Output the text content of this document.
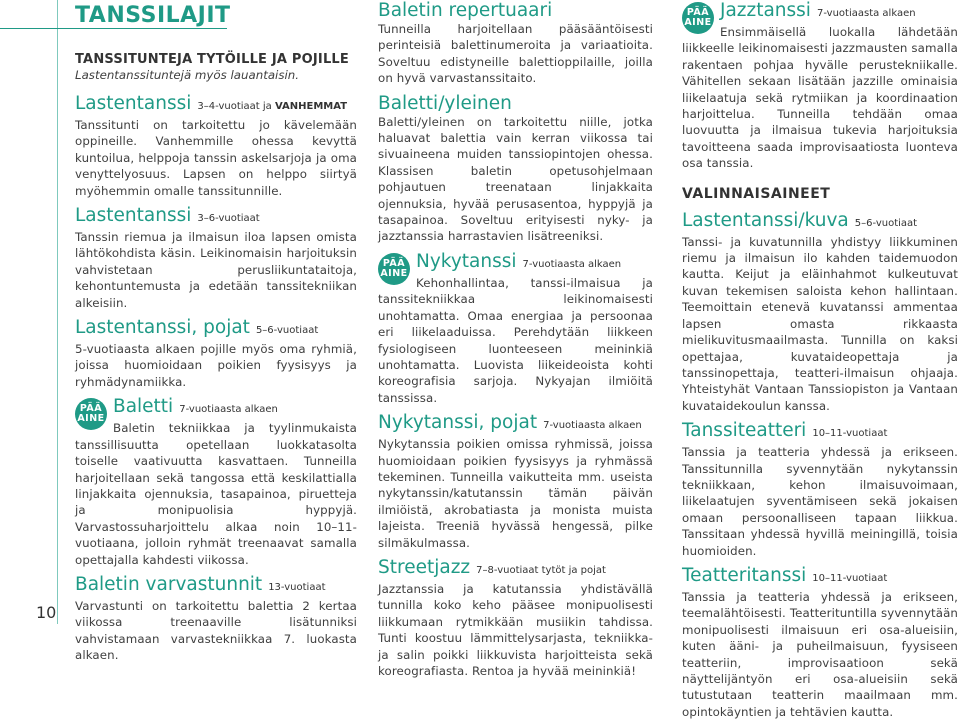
TANSSILAJIT
10

TANSSITUNTEJA TYTÖILLE JA POJILLE

Lastentanssituntejä myös lauantaisin.

Lastentanssi 3–4-vuotiaat ja VANHEMMAT

Tanssitunti on tarkoitettu jo kävelemään oppineille. Vanhemmille ohessa kevyttä kuntoilua, helppoja tanssin askelsarjoja ja oma venyttelyosuus. Lapsen on helppo siirtyä myöhemmin omalle tanssitunnille.

Lastentanssi 3–6-vuotiaat

Tanssin riemua ja ilmaisun iloa lapsen omista lähtökohdista käsin. Leikinomaisin harjoituksin vahvistetaan perusliikuntataitoja, kehontuntemusta ja edetään tanssitekniikan alkeisiin.

Lastentanssi, pojat 5–6-vuotiaat

5-vuotiaasta alkaen pojille myös oma ryhmiä, joissa huomioidaan poikien fyysisyys ja ryhmädynamiikka.

PÄÄ
AINE

Baletti 7-vuotiaasta alkaen

Baletin tekniikkaa ja tyylinmukaista tanssillisuutta opetellaan luokkatasolta toiselle vaativuutta kasvattaen. Tunneilla harjoitellaan sekä tangossa että keskilattialla linjakkaita ojennuksia, tasapainoa, piruetteja ja monipuolisia hyppyjä. Varvastossuharjoittelu alkaa noin 10–11-vuotiaana, jolloin ryhmät treenaavat samalla opettajalla kahdesti viikossa.

Baletin varvastunnit 13-vuotiaat

Varvastunti on tarkoitettu balettia 2 kertaa viikossa treenaaville lisätunniksi vahvistamaan varvastekniikkaa 7. luokasta alkaen.

Baletin repertuaari

Tunneilla harjoitellaan pääsääntöisesti perinteisiä balettinumeroita ja variaatioita. Soveltuu edistyneille balettioppilaille, joilla on hyvä varvastanssitaito.

Baletti/yleinen

Baletti/yleinen on tarkoitettu niille, jotka haluavat balettia vain kerran viikossa tai sivuaineena muiden tanssiopintojen ohessa. Klassisen baletin opetusohjelmaan pohjautuen treenataan linjakkaita ojennuksia, hyvää perusasentoa, hyppyjä ja tasapainoa. Soveltuu erityisesti nyky- ja jazztanssia harrastavien lisätreeniksi.

PÄÄ
AINE

Nykytanssi 7-vuotiaasta alkaen

Kehonhallintaa, tanssi-ilmaisua ja tanssitekniikkaa leikinomaisesti unohtamatta. Omaa energiaa ja persoonaa eri liikelaaduissa. Perehdytään liikkeen fysiologiseen luonteeseen meininkiä unohtamatta. Luovista liikeideoista kohti koreografisia sarjoja. Nykyajan ilmiöitä tanssissa.

Nykytanssi, pojat 7-vuotiaasta alkaen

Nykytanssia poikien omissa ryhmissä, joissa huomioidaan poikien fyysisyys ja ryhmässä tekeminen. Tunneilla vaikutteita mm. useista nykytanssin/katutanssin tämän päivän ilmiöistä, akrobatiasta ja monista muista lajeista. Treeniä hyvässä hengessä, pilke silmäkulmassa.

Streetjazz 7–8-vuotiaat tytöt ja pojat

Jazztanssia ja katutanssia yhdistävällä tunnilla koko keho pääsee monipuolisesti liikkumaan rytmikkään musiikin tahdissa. Tunti koostuu lämmittelysarjasta, tekniikka- ja salin poikki liikkuvista harjoitteista sekä koreografiasta. Rentoa ja hyvää meininkiä!

PÄÄ
AINE

Jazztanssi 7-vuotiaasta alkaen

Ensimmäisellä luokalla lähdetään liikkeelle leikinomaisesti jazzmausten samalla rakentaen pohjaa hyvälle perustekniikalle. Vähitellen sekaan lisätään jazzille ominaisia liikelaatuja sekä rytmiikan ja koordinaation harjoittelua. Tunneilla tehdään omaa luovuutta ja ilmaisua tukevia harjoituksia tavoitteena saada improvisaatiosta luonteva osa tanssia.

VALINNAISAINEET

Lastentanssi/kuva 5–6-vuotiaat

Tanssi- ja kuvatunnilla yhdistyy liikkuminen riemu ja ilmaisun ilo kahden taidemuodon kautta. Keijut ja eläinhahmot kulkeutuvat kuvan tekemisen saloista kehon hallintaan. Teemoittain etenevä kuvatanssi ammentaa lapsen omasta rikkaasta mielikuvitusmaailmasta. Tunnilla on kaksi opettajaa, kuvataideopettaja ja tanssinopettaja, teatteri-ilmaisun ohjaaja. Yhteistyhät Vantaan Tanssiopiston ja Vantaan kuvataidekoulun kanssa.

Tanssiteatteri 10–11-vuotiaat

Tanssia ja teatteria yhdessä ja erikseen. Tanssitunnilla syvennytään nykytanssin tekniikkaan, kehon ilmaisuvoimaan, liikelaatujen syventämiseen sekä jokaisen omaan persoonalliseen tapaan liikkua. Tanssitaan yhdessä hyvillä meiningillä, toisia huomioiden.

Teatteritanssi 10–11-vuotiaat

Tanssia ja teatteria yhdessä ja erikseen, teemalähtöisesti. Teatterituntilla syvennytään monipuolisesti ilmaisuun eri osa-alueisiin, kuten ääni- ja puheilmaisuun, fyysiseen teatteriin, improvisaatioon sekä näyttelijäntyön eri osa-alueisiin sekä tutustutaan teatterin maailmaan mm. opintokäyntien ja tehtävien kautta.
